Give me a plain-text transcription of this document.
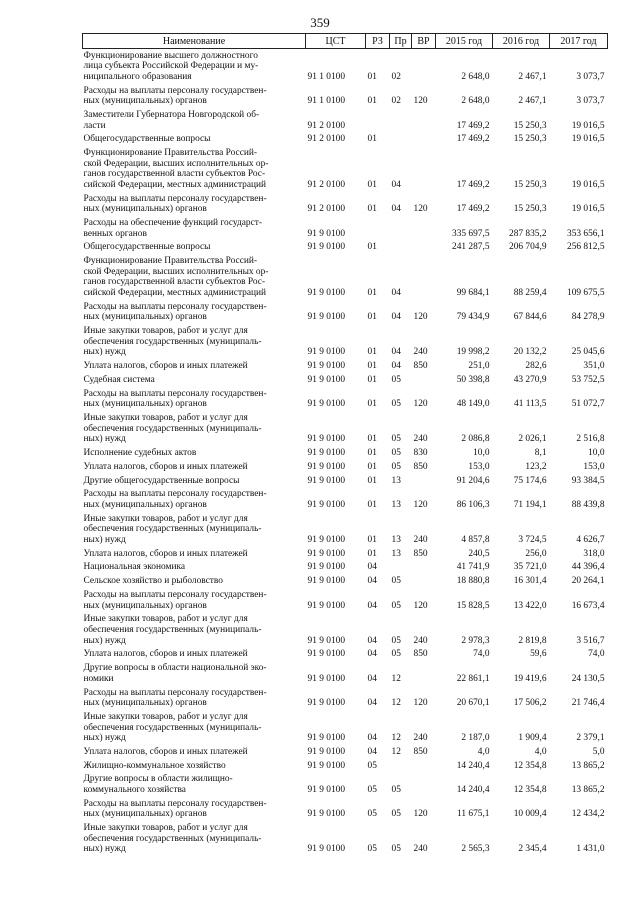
359
Наименование	ЦСТ	РЗ	Пр	ВР	2015 год	2016 год	2017 год
Функционирование высшего должностного
лица субъекта Российской Федерации и му-
ниципального образования	91 1 0100	01	02		2 648,0	2 467,1	3 073,7
Расходы на выплаты персоналу государствен-
ных (муниципальных) органов	91 1 0100	01	02	120	2 648,0	2 467,1	3 073,7
Заместители Губернатора Новгородской об-
ласти	91 2 0100				17 469,2	15 250,3	19 016,5
Общегосударственные вопросы	91 2 0100	01			17 469,2	15 250,3	19 016,5
Функционирование Правительства Россий-
ской Федерации, высших исполнительных ор-
ганов государственной власти субъектов Рос-
сийской Федерации, местных администраций	91 2 0100	01	04		17 469,2	15 250,3	19 016,5
Расходы на выплаты персоналу государствен-
ных (муниципальных) органов	91 2 0100	01	04	120	17 469,2	15 250,3	19 016,5
Расходы на обеспечение функций государст-
венных органов	91 9 0100				335 697,5	287 835,2	353 656,1
Общегосударственные вопросы	91 9 0100	01			241 287,5	206 704,9	256 812,5
Функционирование Правительства Россий-
ской Федерации, высших исполнительных ор-
ганов государственной власти субъектов Рос-
сийской Федерации, местных администраций	91 9 0100	01	04		99 684,1	88 259,4	109 675,5
Расходы на выплаты персоналу государствен-
ных (муниципальных) органов	91 9 0100	01	04	120	79 434,9	67 844,6	84 278,9
Иные закупки товаров, работ и услуг для
обеспечения государственных (муниципаль-
ных) нужд	91 9 0100	01	04	240	19 998,2	20 132,2	25 045,6
Уплата налогов, сборов и иных платежей	91 9 0100	01	04	850	251,0	282,6	351,0
Судебная система	91 9 0100	01	05		50 398,8	43 270,9	53 752,5
Расходы на выплаты персоналу государствен-
ных (муниципальных) органов	91 9 0100	01	05	120	48 149,0	41 113,5	51 072,7
Иные закупки товаров, работ и услуг для
обеспечения государственных (муниципаль-
ных) нужд	91 9 0100	01	05	240	2 086,8	2 026,1	2 516,8
Исполнение судебных актов	91 9 0100	01	05	830	10,0	8,1	10,0
Уплата налогов, сборов и иных платежей	91 9 0100	01	05	850	153,0	123,2	153,0
Другие общегосударственные вопросы	91 9 0100	01	13		91 204,6	75 174,6	93 384,5
Расходы на выплаты персоналу государствен-
ных (муниципальных) органов	91 9 0100	01	13	120	86 106,3	71 194,1	88 439,8
Иные закупки товаров, работ и услуг для
обеспечения государственных (муниципаль-
ных) нужд	91 9 0100	01	13	240	4 857,8	3 724,5	4 626,7
Уплата налогов, сборов и иных платежей	91 9 0100	01	13	850	240,5	256,0	318,0
Национальная экономика	91 9 0100	04			41 741,9	35 721,0	44 396,4
Сельское хозяйство и рыболовство	91 9 0100	04	05		18 880,8	16 301,4	20 264,1
Расходы на выплаты персоналу государствен-
ных (муниципальных) органов	91 9 0100	04	05	120	15 828,5	13 422,0	16 673,4
Иные закупки товаров, работ и услуг для
обеспечения государственных (муниципаль-
ных) нужд	91 9 0100	04	05	240	2 978,3	2 819,8	3 516,7
Уплата налогов, сборов и иных платежей	91 9 0100	04	05	850	74,0	59,6	74,0
Другие вопросы в области национальной эко-
номики	91 9 0100	04	12		22 861,1	19 419,6	24 130,5
Расходы на выплаты персоналу государствен-
ных (муниципальных) органов	91 9 0100	04	12	120	20 670,1	17 506,2	21 746,4
Иные закупки товаров, работ и услуг для
обеспечения государственных (муниципаль-
ных) нужд	91 9 0100	04	12	240	2 187,0	1 909,4	2 379,1
Уплата налогов, сборов и иных платежей	91 9 0100	04	12	850	4,0	4,0	5,0
Жилищно-коммунальное хозяйство	91 9 0100	05			14 240,4	12 354,8	13 865,2
Другие вопросы в области жилищно-
коммунального хозяйства	91 9 0100	05	05		14 240,4	12 354,8	13 865,2
Расходы на выплаты персоналу государствен-
ных (муниципальных) органов	91 9 0100	05	05	120	11 675,1	10 009,4	12 434,2
Иные закупки товаров, работ и услуг для
обеспечения государственных (муниципаль-
ных) нужд	91 9 0100	05	05	240	2 565,3	2 345,4	1 431,0
